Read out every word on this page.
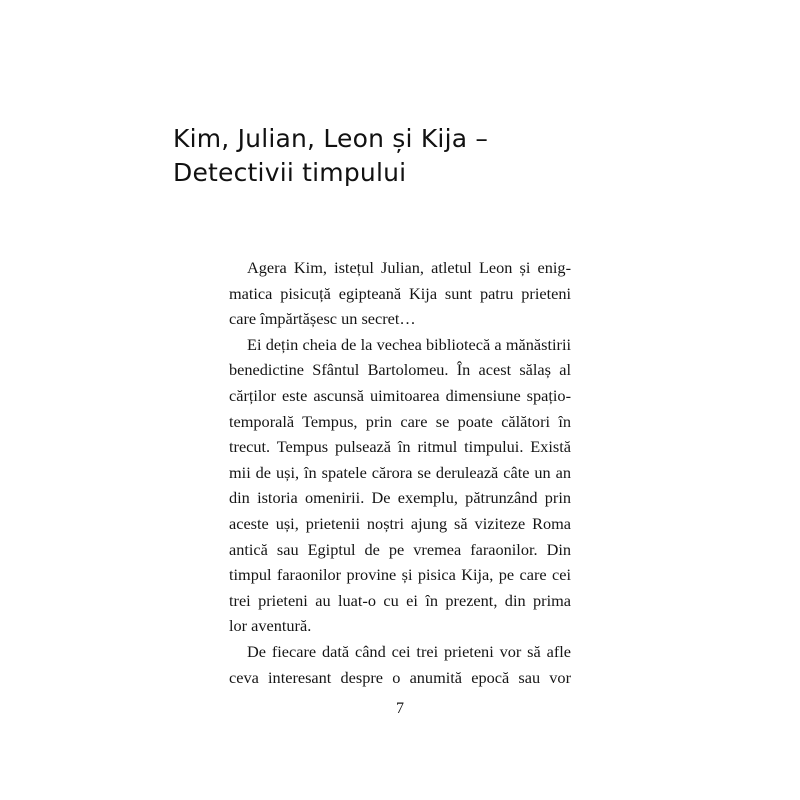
Kim, Julian, Leon și Kija –
Detectivii timpului

Agera Kim, istețul Julian, atletul Leon și enig-
matica pisicuță egipteană Kija sunt patru prieteni
care împărtășesc un secret…

Ei dețin cheia de la vechea bibliotecă a mănăstirii
benedictine Sfântul Bartolomeu. În acest sălaș al
cărților este ascunsă uimitoarea dimensiune spațio-
temporală Tempus, prin care se poate călători în
trecut. Tempus pulsează în ritmul timpului. Există
mii de uși, în spatele cărora se derulează câte un an
din istoria omenirii. De exemplu, pătrunzând prin
aceste uși, prietenii noștri ajung să viziteze Roma
antică sau Egiptul de pe vremea faraonilor. Din
timpul faraonilor provine și pisica Kija, pe care cei
trei prieteni au luat-o cu ei în prezent, din prima
lor aventură.

De fiecare dată când cei trei prieteni vor să afle
ceva interesant despre o anumită epocă sau vor

7
